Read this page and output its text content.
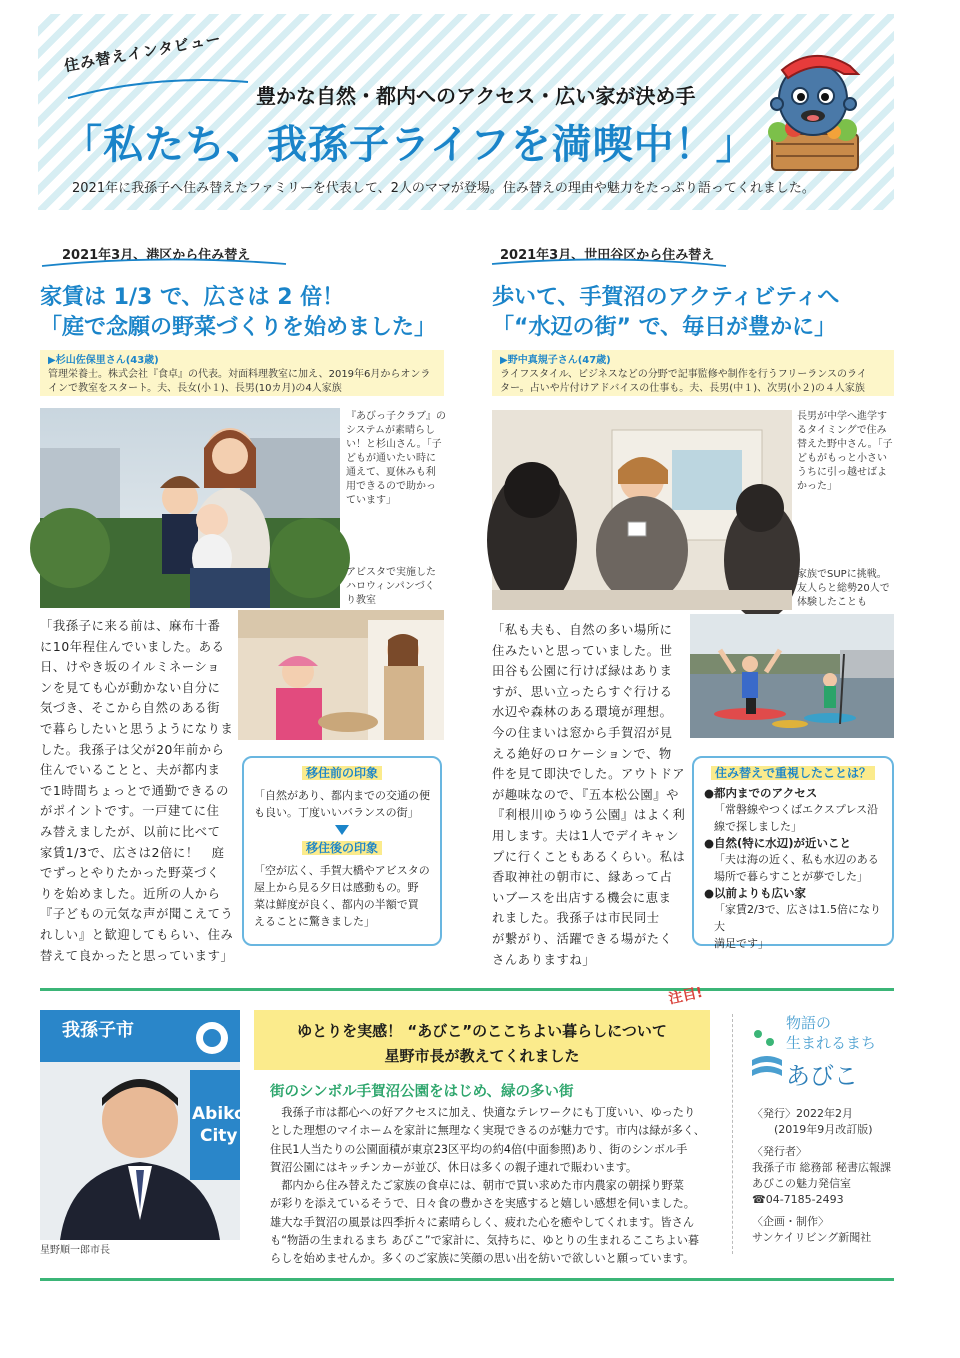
住み替えインタビュー
豊かな自然・都内へのアクセス・広い家が決め手
「私たち、我孫子ライフを満喫中！」
2021年に我孫子へ住み替えたファミリーを代表して、2人のママが登場。住み替えの理由や魅力をたっぷり語ってくれました。
2021年3月、港区から住み替え
家賃は 1/3 で、広さは 2 倍！
「庭で念願の野菜づくりを始めました」
▶杉山佐保里さん(43歳)
管理栄養士。株式会社『食卓』の代表。対面料理教室に加え、2019年6月からオンラ
インで教室をスタート。夫、長女(小１)、長男(10カ月)の4人家族
『あびっ子クラブ』の
システムが素晴らし
い！と杉山さん。「子
どもが通いたい時に
通えて、夏休みも利
用できるので助かっ
ています」
アビスタで実施した
ハロウィンパンづく
り教室
「我孫子に来る前は、麻布十番
に10年程住んでいました。ある
日、けやき坂のイルミネーショ
ンを見ても心が動かない自分に
気づき、そこから自然のある街
で暮らしたいと思うようになりま
した。我孫子は父が20年前から
住んでいることと、夫が都内ま
で1時間ちょっとで通勤できるの
がポイントです。一戸建てに住
み替えましたが、以前に比べて
家賃1/3で、広さは2倍に！　庭
でずっとやりたかった野菜づく
りを始めました。近所の人から
『子どもの元気な声が聞こえてう
れしい』と歓迎してもらい、住み
替えて良かったと思っています」
移住前の印象
「自然があり、都内までの交通の便
も良い。丁度いいバランスの街」
移住後の印象
「空が広く、手賀大橋やアビスタの
屋上から見る夕日は感動もの。野
菜は鮮度が良く、都内の半額で買
えることに驚きました」
2021年3月、世田谷区から住み替え
歩いて、手賀沼のアクティビティへ
「“水辺の街” で、毎日が豊かに」
▶野中真規子さん(47歳)
ライフスタイル、ビジネスなどの分野で記事監修や制作を行うフリーランスのライ
ター。占いや片付けアドバイスの仕事も。夫、長男(中１)、次男(小２)の４人家族
長男が中学へ進学す
るタイミングで住み
替えた野中さん。「子
どもがもっと小さい
うちに引っ越せばよ
かった」
家族でSUPに挑戦。
友人らと総勢20人で
体験したことも
「私も夫も、自然の多い場所に
住みたいと思っていました。世
田谷も公園に行けば緑はありま
すが、思い立ったらすぐ行ける
水辺や森林のある環境が理想。
今の住まいは窓から手賀沼が見
える絶好のロケーションで、物
件を見て即決でした。アウトドア
が趣味なので、『五本松公園』や
『利根川ゆうゆう公園』はよく利
用します。夫は1人でデイキャン
プに行くこともあるくらい。私は
香取神社の朝市に、縁あって占
いブースを出店する機会に恵ま
れました。我孫子は市民同士
が繋がり、活躍できる場がたく
さんありますね」
住み替えで重視したことは？
●都内までのアクセス
「常磐線やつくばエクスプレス沿
線で探しました」
●自然(特に水辺)が近いこと
「夫は海の近く、私も水辺のある
場所で暮らすことが夢でした」
●以前よりも広い家
「家賃2/3で、広さは1.5倍になり大
満足です」
我孫子市
Abiko
City
星野順一郎市長
ゆとりを実感！ “あびこ”のここちよい暮らしについて
星野市長が教えてくれました
注目!
街のシンボル手賀沼公園をはじめ、緑の多い街
　我孫子市は都心への好アクセスに加え、快適なテレワークにも丁度いい、ゆったり
とした理想のマイホームを家計に無理なく実現できるのが魅力です。市内は緑が多く、
住民1人当たりの公園面積が東京23区平均の約4倍(中面参照)あり、街のシンボル手
賀沼公園にはキッチンカーが並び、休日は多くの親子連れで賑わいます。
　都内から住み替えたご家族の食卓には、朝市で買い求めた市内農家の朝採り野菜
が彩りを添えているそうで、日々食の豊かさを実感すると嬉しい感想を伺いました。
雄大な手賀沼の風景は四季折々に素晴らしく、疲れた心を癒やしてくれます。皆さん
も“物語の生まれるまち あびこ”で家計に、気持ちに、ゆとりの生まれるここちよい暮
らしを始めませんか。多くのご家族に笑顔の思い出を紡いで欲しいと願っています。
物語の
生まれるまち
あびこ
〈発行〉2022年2月
　　(2019年9月改訂版)
〈発行者〉
我孫子市 総務部 秘書広報課
あびこの魅力発信室
☎04-7185-2493
〈企画・制作〉
サンケイリビング新聞社
